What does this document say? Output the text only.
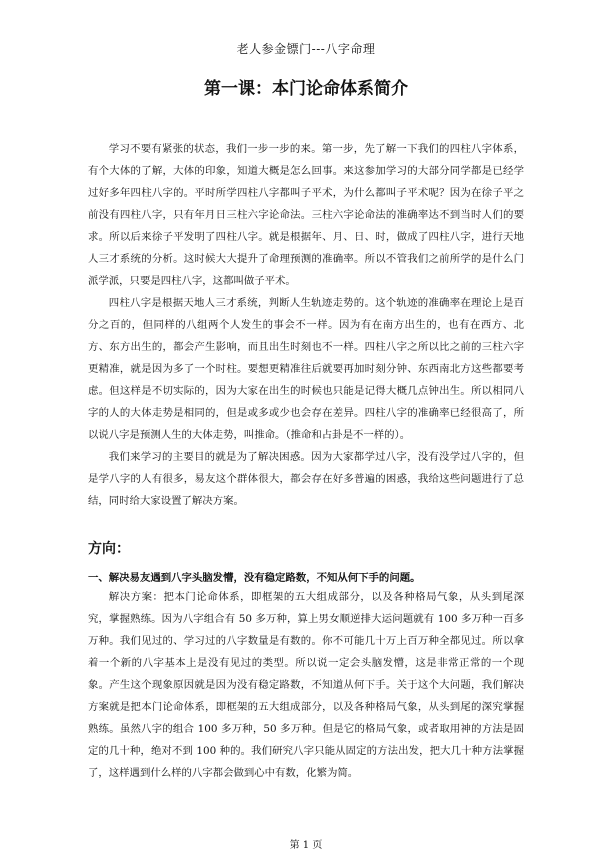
老人参金镖门---八字命理
第一课：本门论命体系简介

学习不要有紧张的状态，我们一步一步的来。第一步，先了解一下我们的四柱八字体系，有个大体的了解，大体的印象，知道大概是怎么回事。来这参加学习的大部分同学都是已经学过好多年四柱八字的。平时所学四柱八字都叫子平术，为什么都叫子平术呢？因为在徐子平之前没有四柱八字，只有年月日三柱六字论命法。三柱六字论命法的准确率达不到当时人们的要求。所以后来徐子平发明了四柱八字。就是根据年、月、日、时，做成了四柱八字，进行天地人三才系统的分析。这时候大大提升了命理预测的准确率。所以不管我们之前所学的是什么门派学派，只要是四柱八字，这都叫做子平术。

四柱八字是根据天地人三才系统，判断人生轨迹走势的。这个轨迹的准确率在理论上是百分之百的，但同样的八组两个人发生的事会不一样。因为有在南方出生的，也有在西方、北方、东方出生的，都会产生影响，而且出生时刻也不一样。四柱八字之所以比之前的三柱六字更精准，就是因为多了一个时柱。要想更精准往后就要再加时刻分钟、东西南北方这些都要考虑。但这样是不切实际的，因为大家在出生的时候也只能是记得大概几点钟出生。所以相同八字的人的大体走势是相同的，但是或多或少也会存在差异。四柱八字的准确率已经很高了，所以说八字是预测人生的大体走势，叫推命。（推命和占卦是不一样的）。

我们来学习的主要目的就是为了解决困惑。因为大家都学过八字，没有没学过八字的，但是学八字的人有很多，易友这个群体很大，都会存在好多普遍的困惑，我给这些问题进行了总结，同时给大家设置了解决方案。

方向：
一、解决易友遇到八字头脑发懵，没有稳定路数，不知从何下手的问题。

解决方案：把本门论命体系，即框架的五大组成部分，以及各种格局气象，从头到尾深究，掌握熟练。因为八字组合有 50 多万种，算上男女顺逆排大运问题就有 100 多万种一百多万种。我们见过的、学习过的八字数量是有数的。你不可能几十万上百万种全都见过。所以拿着一个新的八字基本上是没有见过的类型。所以说一定会头脑发懵，这是非常正常的一个现象。产生这个现象原因就是因为没有稳定路数，不知道从何下手。关于这个大问题，我们解决方案就是把本门论命体系，即框架的五大组成部分，以及各种格局气象，从头到尾的深究掌握熟练。虽然八字的组合 100 多万种，50 多万种。但是它的格局气象，或者取用神的方法是固定的几十种，绝对不到 100 种的。我们研究八字只能从固定的方法出发，把大几十种方法掌握了，这样遇到什么样的八字都会做到心中有数，化繁为简。

第 1 页
